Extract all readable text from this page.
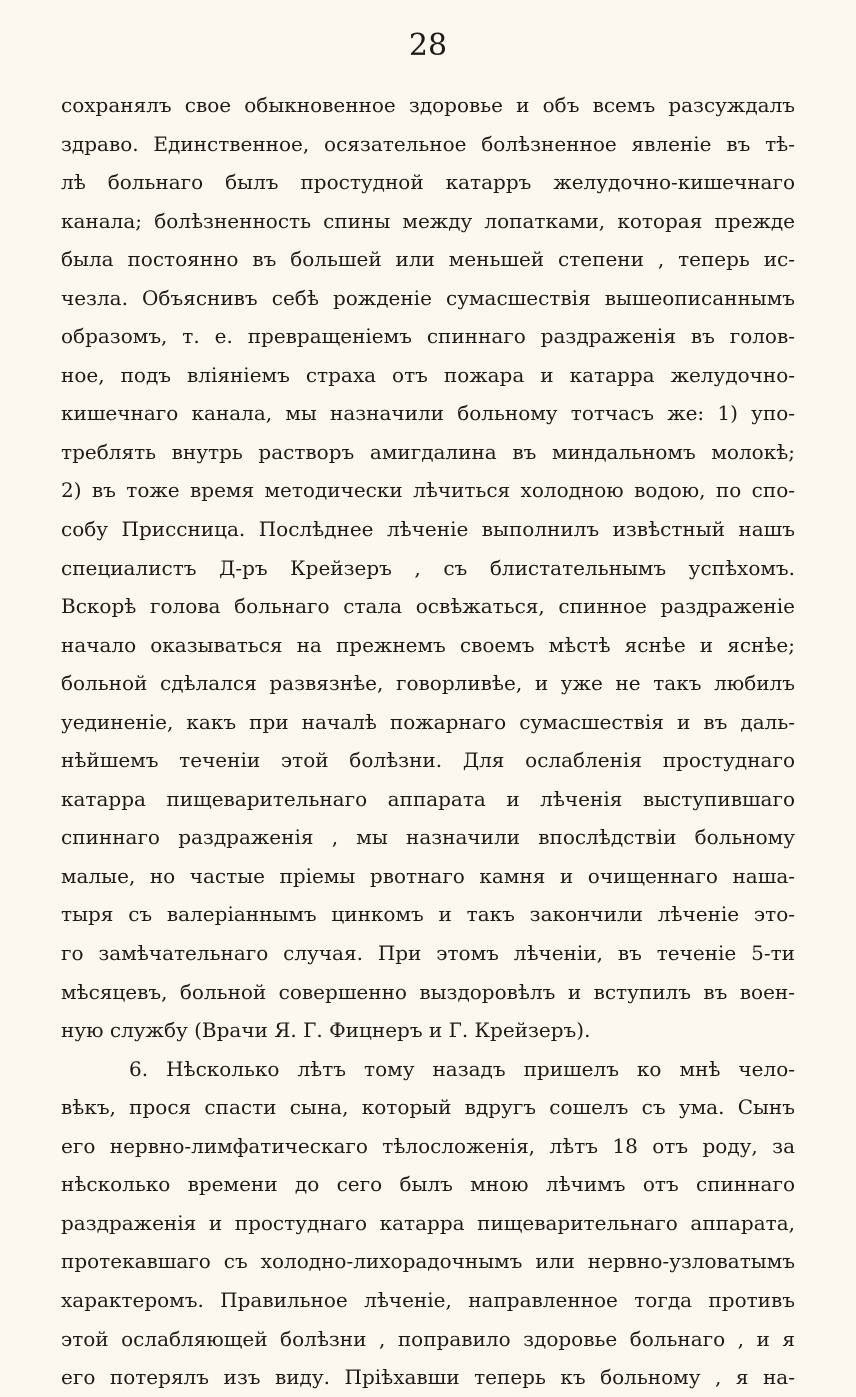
28
сохранялъ свое обыкновенное здоровье и объ всемъ разсуждалъ
здраво. Единственное, осязательное болѣзненное явленіе въ тѣ-
лѣ больнаго былъ простудной катарръ желудочно-кишечнаго
канала; болѣзненность спины между лопатками, которая прежде
была постоянно въ большей или меньшей степени , теперь ис-
чезла. Объяснивъ себѣ рожденіе сумасшествія вышеописаннымъ
образомъ, т. е. превращеніемъ спиннаго раздраженія въ голов-
ное, подъ вліяніемъ страха отъ пожара и катарра желудочно-
кишечнаго канала, мы назначили больному тотчасъ же: 1) упо-
треблять внутрь растворъ амигдалина въ миндальномъ молокѣ;
2) въ тоже время методически лѣчиться холодною водою, по спо-
собу Приссница. Послѣднее лѣченіе выполнилъ извѣстный нашъ
специалистъ Д-ръ Крейзеръ , съ блистательнымъ успѣхомъ.
Вскорѣ голова больнаго стала освѣжаться, спинное раздраженіе
начало оказываться на прежнемъ своемъ мѣстѣ яснѣе и яснѣе;
больной сдѣлался развязнѣе, говорливѣе, и уже не такъ любилъ
уединеніе, какъ при началѣ пожарнаго сумасшествія и въ даль-
нѣйшемъ теченіи этой болѣзни. Для ослабленія простуднаго
катарра пищеварительнаго аппарата и лѣченія выступившаго
спиннаго раздраженія , мы назначили впослѣдствіи больному
малые, но частые пріемы рвотнаго камня и очищеннаго наша-
тыря съ валеріаннымъ цинкомъ и такъ закончили лѣченіе это-
го замѣчательнаго случая. При этомъ лѣченіи, въ теченіе 5-ти
мѣсяцевъ, больной совершенно выздоровѣлъ и вступилъ въ воен-
ную службу (Врачи Я. Г. Фицнеръ и Г. Крейзеръ).
6. Нѣсколько лѣтъ тому назадъ пришелъ ко мнѣ чело-
вѣкъ, прося спасти сына, который вдругъ сошелъ съ ума. Сынъ
его нервно-лимфатическаго тѣлосложенія, лѣтъ 18 отъ роду, за
нѣсколько времени до сего былъ мною лѣчимъ отъ спиннаго
раздраженія и простуднаго катарра пищеварительнаго аппарата,
протекавшаго съ холодно-лихорадочнымъ или нервно-узловатымъ
характеромъ. Правильное лѣченіе, направленное тогда противъ
этой ослабляющей болѣзни , поправило здоровье больнаго , и я
его потерялъ изъ виду. Пріѣхавши теперь къ больному , я на-
